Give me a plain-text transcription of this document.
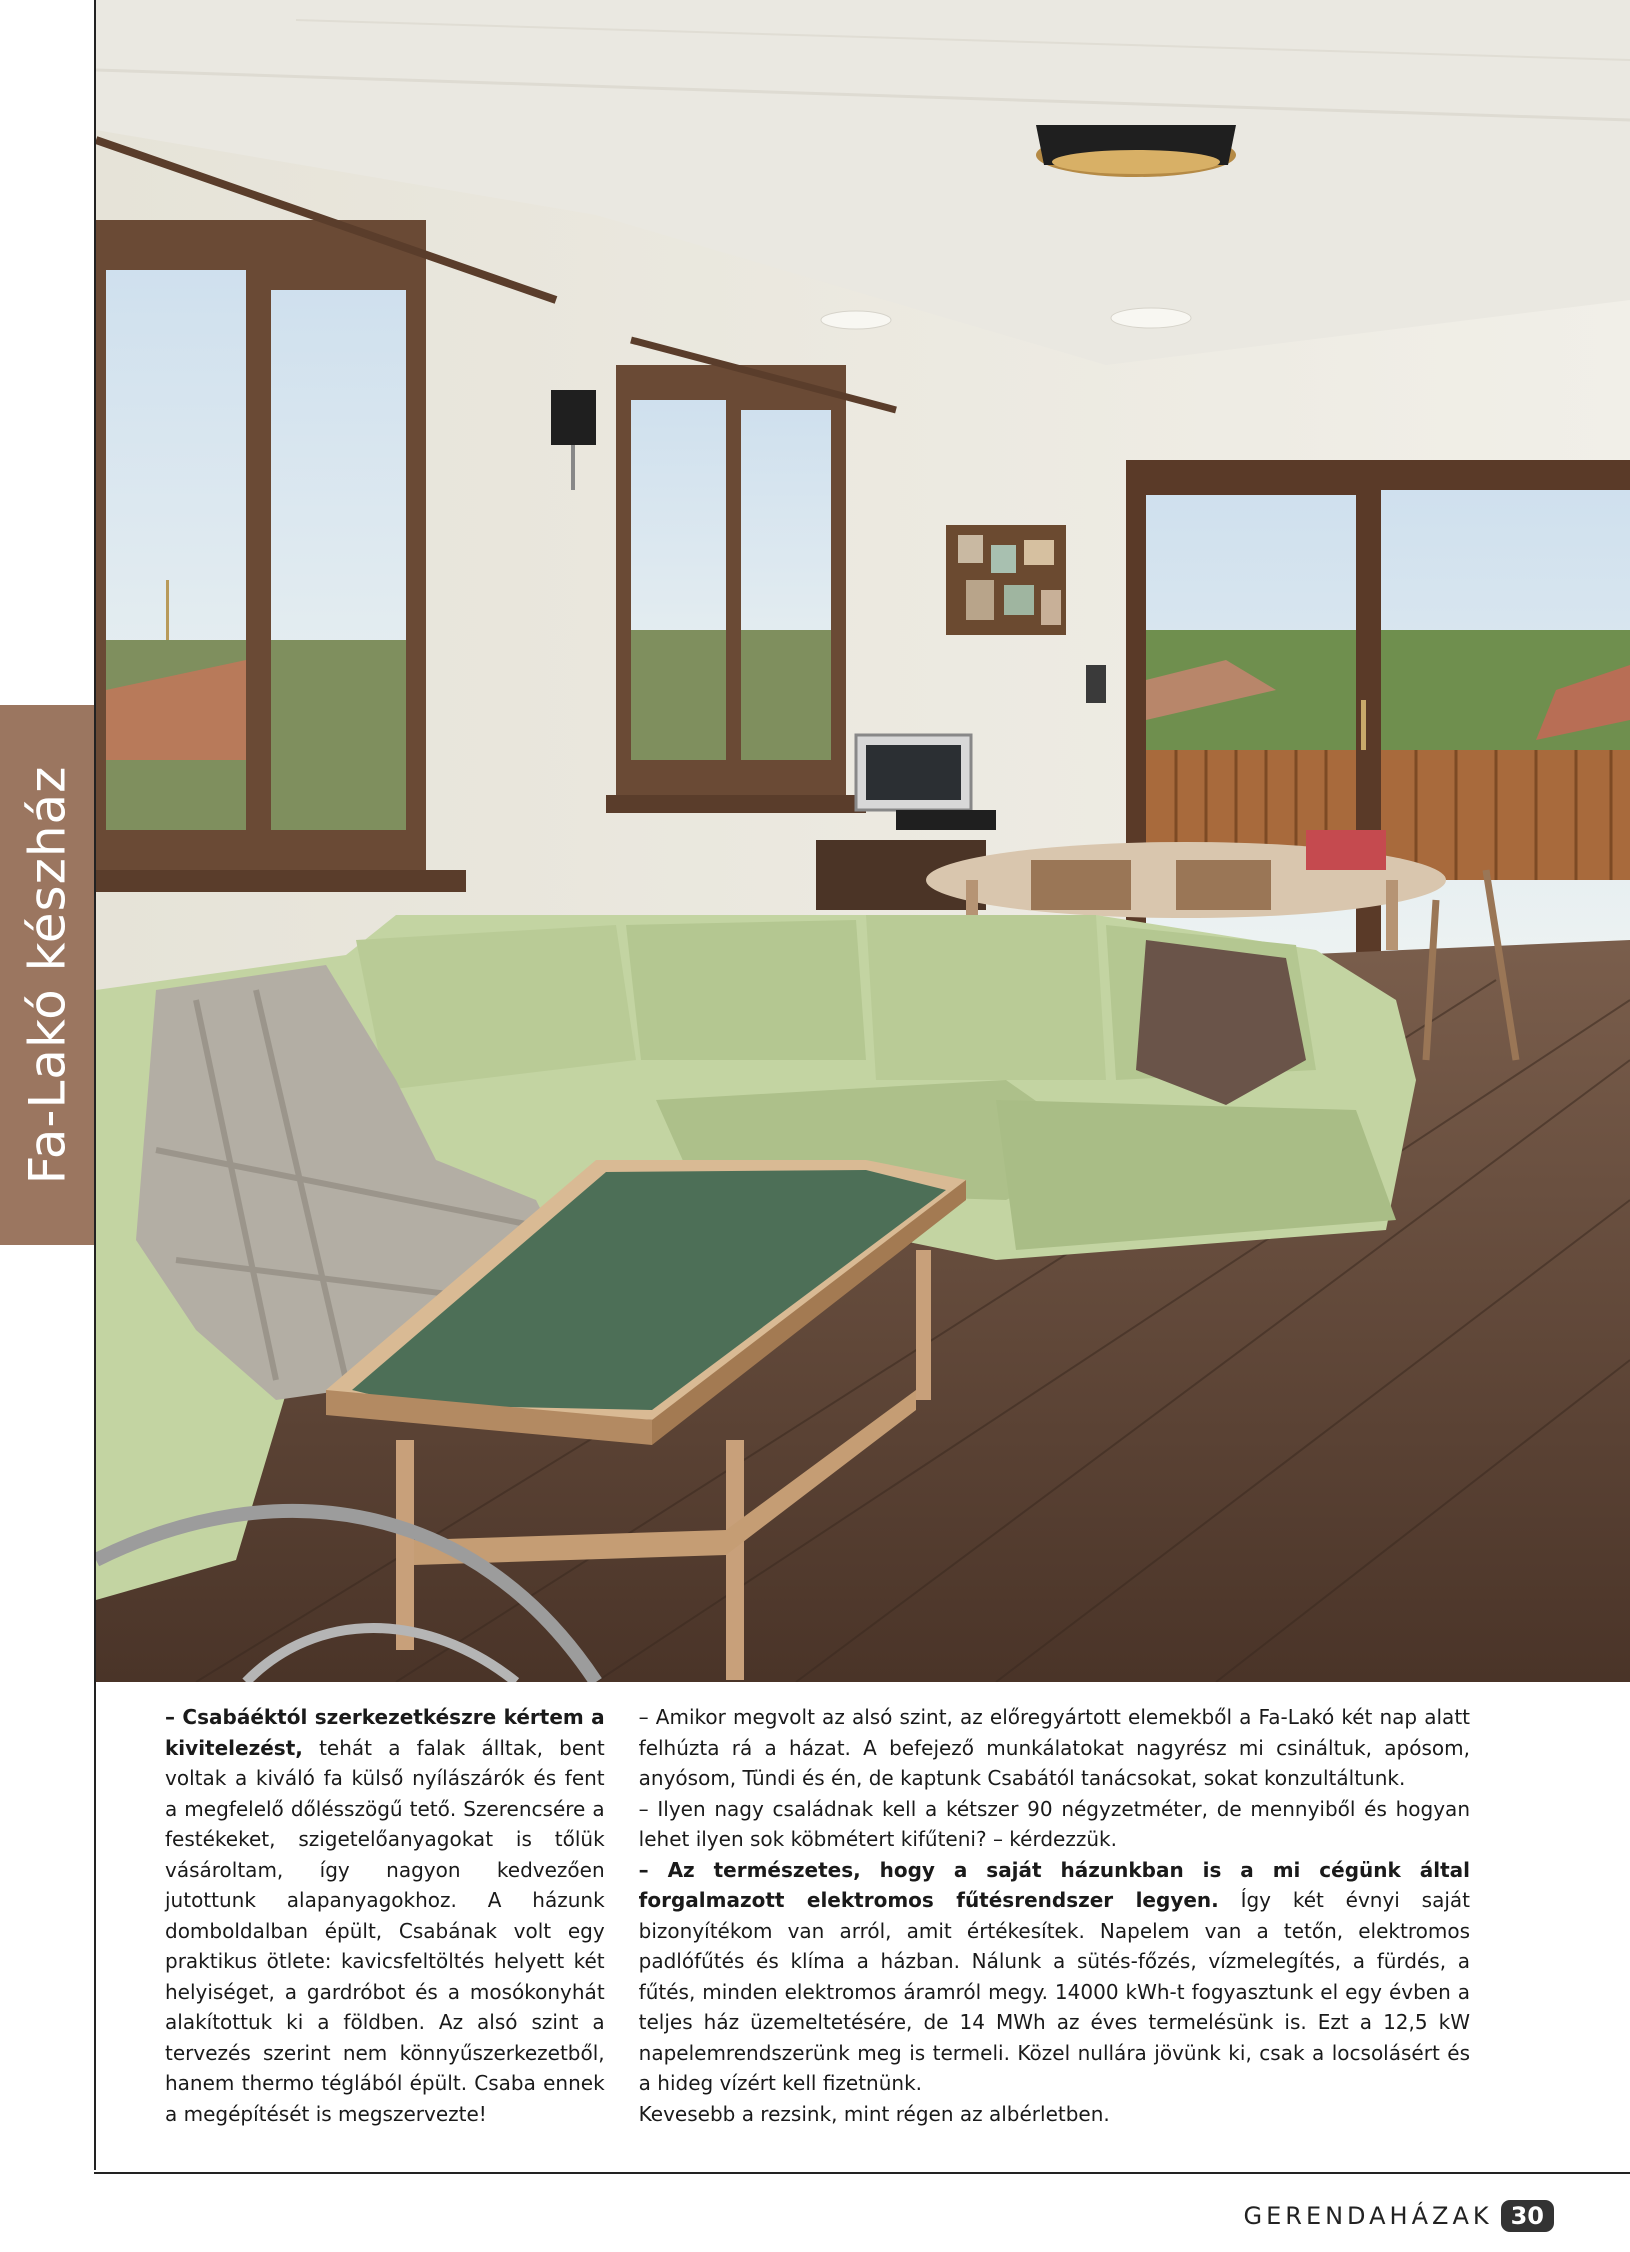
Fa-Lakó készház

– Csabáéktól szerkezetkészre kértem a kivitelezést, tehát a falak álltak, bent voltak a kiváló fa külső nyílászárók és fent a megfelelő dőlésszögű tető. Szerencsére a festékeket, szigetelőanyagokat is tőlük vásároltam, így nagyon kedvezően jutottunk alapanyagokhoz. A házunk domboldalban épült, Csabának volt egy praktikus ötlete: kavicsfeltöltés helyett két helyiséget, a gardróbot és a mosókonyhát alakítottuk ki a földben. Az alsó szint a tervezés szerint nem könnyűszerkezetből, hanem thermo téglából épült. Csaba ennek a megépítését is megszervezte!

– Amikor megvolt az alsó szint, az előregyártott elemekből a Fa-Lakó két nap alatt felhúzta rá a házat. A befejező munkálatokat nagyrész mi csináltuk, apósom, anyósom, Tündi és én, de kaptunk Csabától tanácsokat, sokat konzultáltunk.

– Ilyen nagy családnak kell a kétszer 90 négyzetméter, de mennyiből és hogyan lehet ilyen sok köbmétert kifűteni? – kérdezzük.

– Az természetes, hogy a saját házunkban is a mi cégünk által forgalmazott elektromos fűtésrendszer legyen. Így két évnyi saját bizonyítékom van arról, amit értékesítek. Napelem van a tetőn, elektromos padlófűtés és klíma a házban. Nálunk a sütés-főzés, vízmelegítés, a fürdés, a fűtés, minden elektromos áramról megy. 14000 kWh-t fogyasztunk el egy évben a teljes ház üzemeltetésére, de 14 MWh az éves termelésünk is. Ezt a 12,5 kW napelemrendszerünk meg is termeli. Közel nullára jövünk ki, csak a locsolásért és a hideg vízért kell fizetnünk.

Kevesebb a rezsink, mint régen az albérletben.

GERENDAHÁZAK 30
